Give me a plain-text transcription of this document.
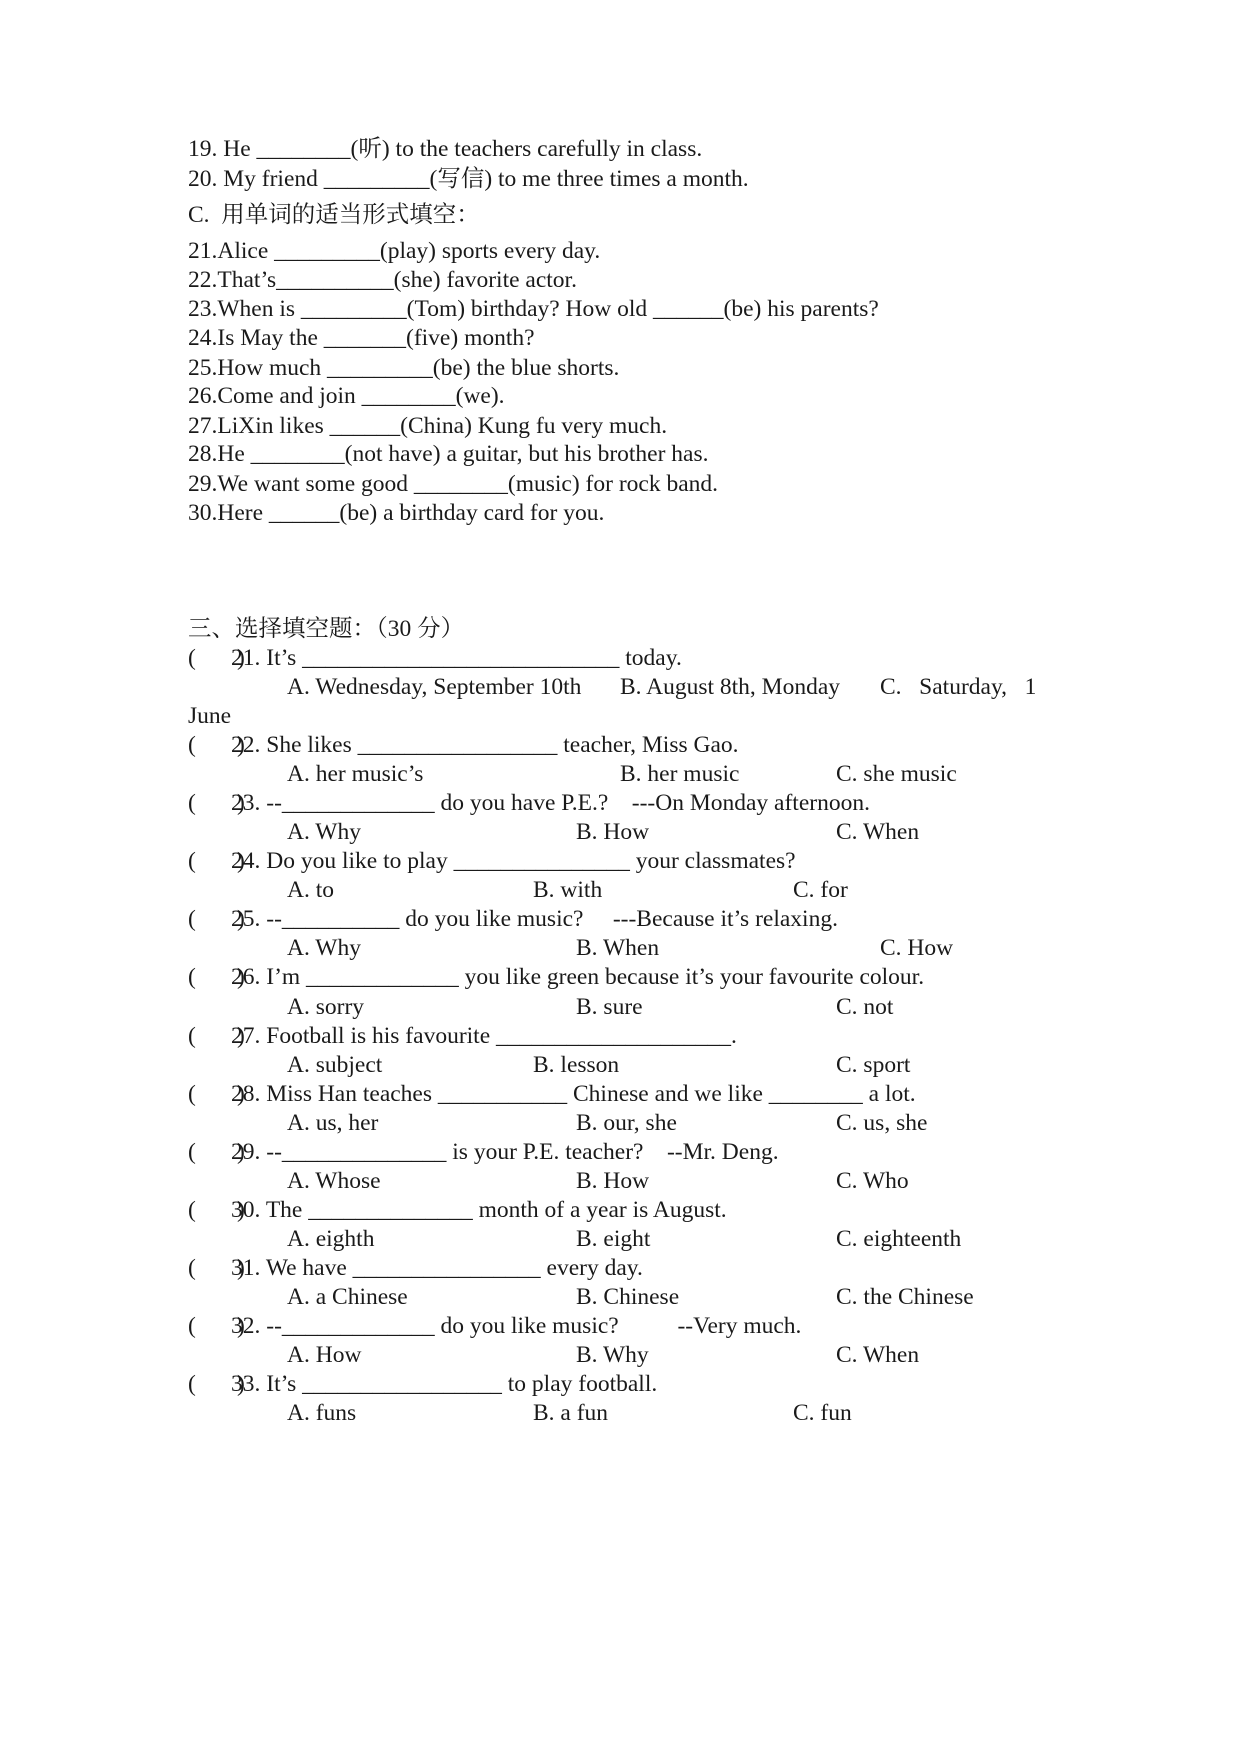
19. He ________(听) to the teachers carefully in class.
20. My friend _________(写信) to me three times a month.
C.  用单词的适当形式填空：
21.Alice _________(play) sports every day.
22.That’s__________(she) favorite actor.
23.When is _________(Tom) birthday? How old ______(be) his parents?
24.Is May the _______(five) month?
25.How much _________(be) the blue shorts.
26.Come and join ________(we).
27.LiXin likes ______(China) Kung fu very much.
28.He ________(not have) a guitar, but his brother has.
29.We want some good ________(music) for rock band.
30.Here ______(be) a birthday card for you.
三、选择填空题：（30 分）
(       )
21. It’s ___________________________ today.
A. Wednesday, September 10th B. August 8th, Monday C.   Saturday,   1
June
(       )
22. She likes _________________ teacher, Miss Gao.
A. her music’s	B. her music	C. she music
(       )
23. --_____________ do you have P.E.?    ---On Monday afternoon.
A. Why	B. How	C. When
(       )
24. Do you like to play _______________ your classmates?
A. to	B. with	C. for
(       )
25. --__________ do you like music?     ---Because it’s relaxing.
A. Why	B. When	C. How
(       )
26. I’m _____________ you like green because it’s your favourite colour.
A. sorry	B. sure	C. not
(       )
27. Football is his favourite ____________________.
A. subject	B. lesson	C. sport
(       )
28. Miss Han teaches ___________ Chinese and we like ________ a lot.
A. us, her	B. our, she	C. us, she
(       )
29. --______________ is your P.E. teacher?    --Mr. Deng.
A. Whose	B. How	C. Who
(       )
30. The ______________ month of a year is August.
A. eighth	B. eight	C. eighteenth
(       )
31. We have ________________ every day.
A. a Chinese	B. Chinese	C. the Chinese
(       )
32. --_____________ do you like music?          --Very much.
A. How	B. Why	C. When
(       )
33. It’s _________________ to play football.
A. funs	B. a fun	C. fun
